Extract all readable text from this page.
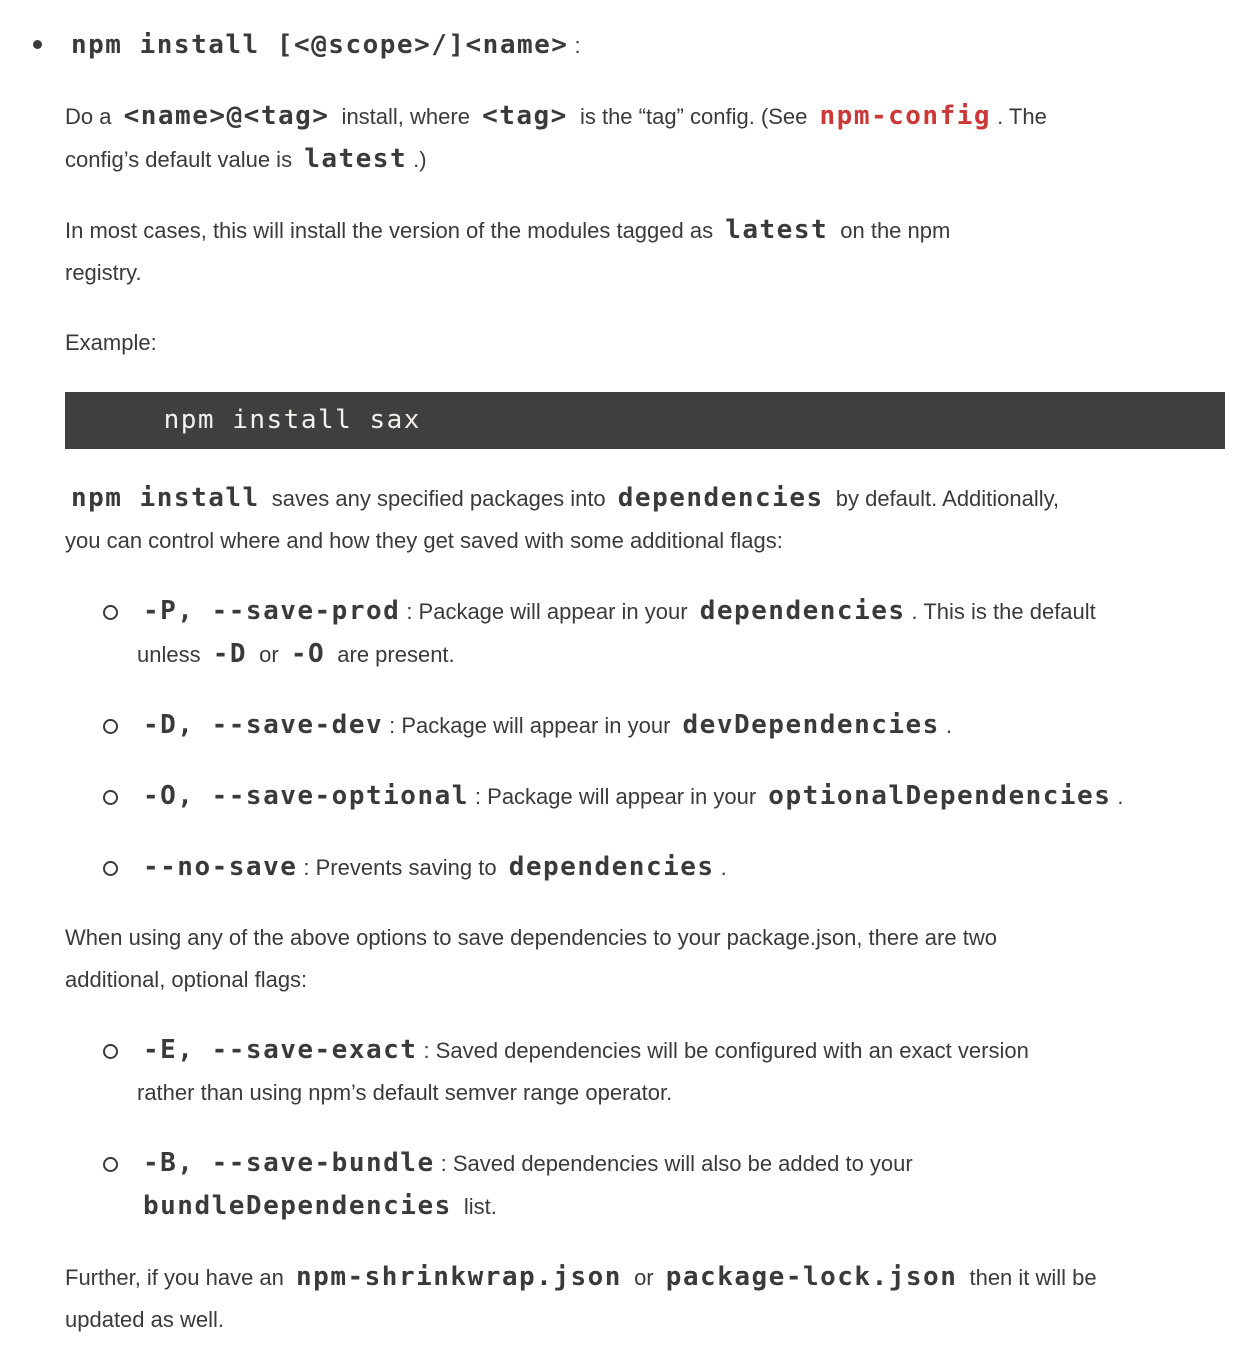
npm install [<@scope>/]<name> :

Do a <name>@<tag> install, where <tag> is the “tag” config. (See npm-config . The
config’s default value is latest .)

In most cases, this will install the version of the modules tagged as latest on the npm
registry.

Example:

npm install sax

npm install saves any specified packages into dependencies by default. Additionally,
you can control where and how they get saved with some additional flags:

-P, --save-prod : Package will appear in your dependencies . This is the default
unless -D or -O are present.
-D, --save-dev : Package will appear in your devDependencies .
-O, --save-optional : Package will appear in your optionalDependencies .
--no-save : Prevents saving to dependencies .

When using any of the above options to save dependencies to your package.json, there are two
additional, optional flags:

-E, --save-exact : Saved dependencies will be configured with an exact version
rather than using npm’s default semver range operator.
-B, --save-bundle : Saved dependencies will also be added to your
bundleDependencies list.

Further, if you have an npm-shrinkwrap.json or package-lock.json then it will be
updated as well.
